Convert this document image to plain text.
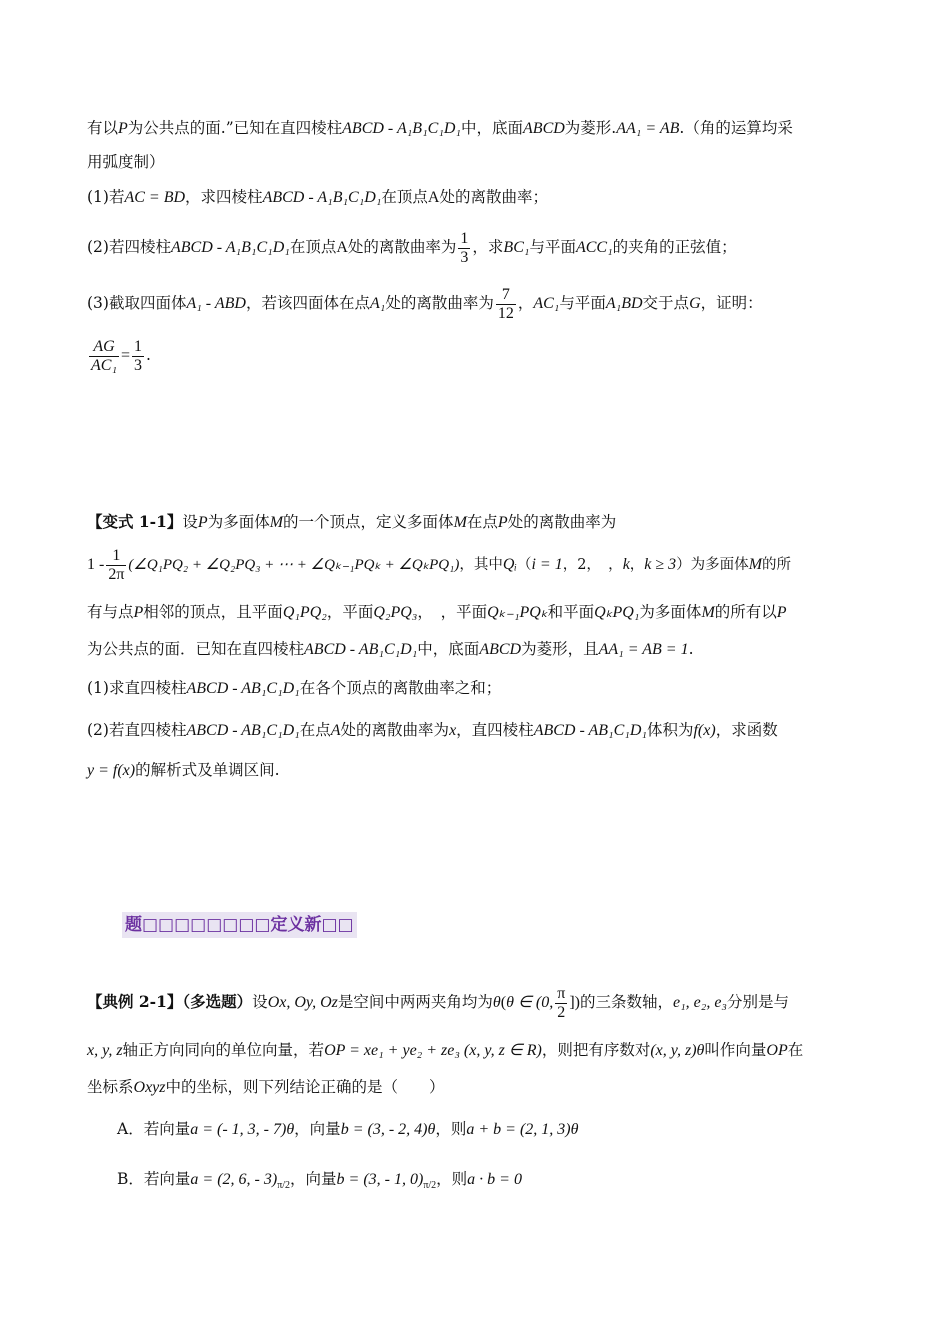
有以P为公共点的面.”已知在直四棱柱ABCD - A₁B₁C₁D₁中，底面ABCD为菱形.AA₁ = AB.（角的运算均采
用弧度制）
(1)若AC = BD，求四棱柱ABCD - A₁B₁C₁D₁在顶点A处的离散曲率；
(2)若四棱柱ABCD - A₁B₁C₁D₁在顶点A处的离散曲率为 $\frac{1}{3}$ ，求BC₁与平面ACC₁的夹角的正弦值；
(3)截取四面体A₁ - ABD，若该四面体在点A₁处的离散曲率为 $\frac{7}{12}$ ，AC₁与平面A₁BD交于点G，证明：
$\frac{AG}{\text{AC₁}} = \frac{1}{3}$ .
【变式 1-1】设P为多面体M的一个顶点，定义多面体M在点P处的离散曲率为
$1 - \frac{1}{2\pi}$ (∠Q₁PQ₂ + ∠Q₂PQ₃ + ⋯ + ∠Qₖ₋₁PQₖ + ∠QₖPQ₁)，其中Qᵢ（i = 1，2，　，k，k ≥ 3）为多面体M的所
有与点P相邻的顶点，且平面Q₁PQ₂，平面Q₂PQ₃，　，平面Qₖ₋₁PQₖ和平面QₖPQ₁为多面体M的所有以P
为公共点的面．已知在直四棱柱ABCD - AB₁C₁D₁中，底面ABCD为菱形，且AA₁ = AB = 1.
(1)求直四棱柱ABCD - AB₁C₁D₁在各个顶点的离散曲率之和；
(2)若直四棱柱ABCD - AB₁C₁D₁在点A处的离散曲率为x，直四棱柱ABCD - AB₁C₁D₁体积为f(x)，求函数
y = f(x)的解析式及单调区间.
题□□□□□□□□定义新□□
【典例 2-1】（多选题）设Ox, Oy, Oz是空间中两两夹角均为θ(θ ∈ (0, $\frac{\pi}{2}$ ])的三条数轴，e₁, e₂, e₃分别是与
x, y, z轴正方向同向的单位向量，若OP = xe₁ + ye₂ + ze₃ (x, y, z ∈ R)，则把有序数对(x, y, z)θ叫作向量OP在
坐标系Oxyz中的坐标，则下列结论正确的是（　　）
A．若向量a = (- 1, 3, - 7)θ，向量b = (3, - 2, 4)θ，则a + b = (2, 1, 3)θ
B．若向量a = (2, 6, - $3)_{\pi/2}$，向量b = (3, - 1, $0)_{\pi/2}$，则a · b = 0
